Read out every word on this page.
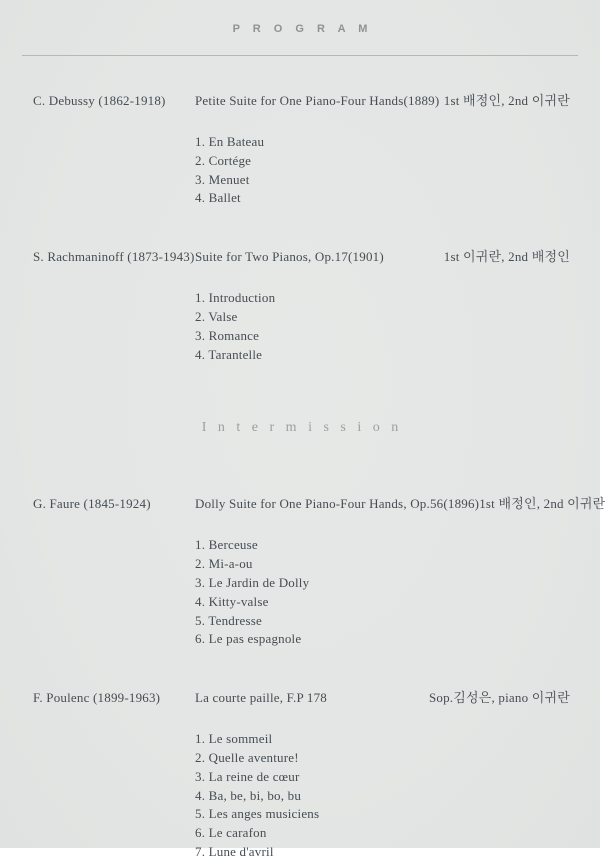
P R O G R A M
C. Debussy (1862-1918)	Petite Suite for One Piano-Four Hands(1889) 1st 배정인, 2nd 이귀란
1. En Bateau
2. Cortége
3. Menuet
4. Ballet
S. Rachmaninoff (1873-1943) Suite for Two Pianos, Op.17(1901)	1st 이귀란, 2nd 배정인
1. Introduction
2. Valse
3. Romance
4. Tarantelle
I n t e r m i s s i o n
G. Faure (1845-1924)	Dolly Suite for One Piano-Four Hands, Op.56(1896) 1st 배정인, 2nd 이귀란
1. Berceuse
2. Mi-a-ou
3. Le Jardin de Dolly
4. Kitty-valse
5. Tendresse
6. Le pas espagnole
F. Poulenc (1899-1963)	La courte paille, F.P 178	Sop.김성은, piano 이귀란
1. Le sommeil
2. Quelle aventure!
3. La reine de cœur
4. Ba, be, bi, bo, bu
5. Les anges musiciens
6. Le carafon
7. Lune d'avril
